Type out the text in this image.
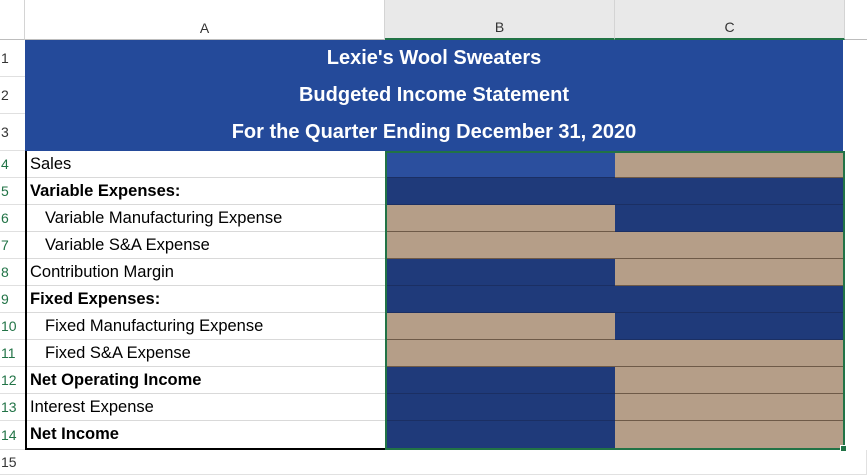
A	B	C
1
2
3
4
5
6
7
8
9
10
11
12
13
14
15
Lexie's Wool Sweaters
Budgeted Income Statement
For the Quarter Ending December 31, 2020
Sales
Variable Expenses:
Variable Manufacturing Expense
Variable S&A Expense
Contribution Margin
Fixed Expenses:
Fixed Manufacturing Expense
Fixed S&A Expense
Net Operating Income
Interest Expense
Net Income
